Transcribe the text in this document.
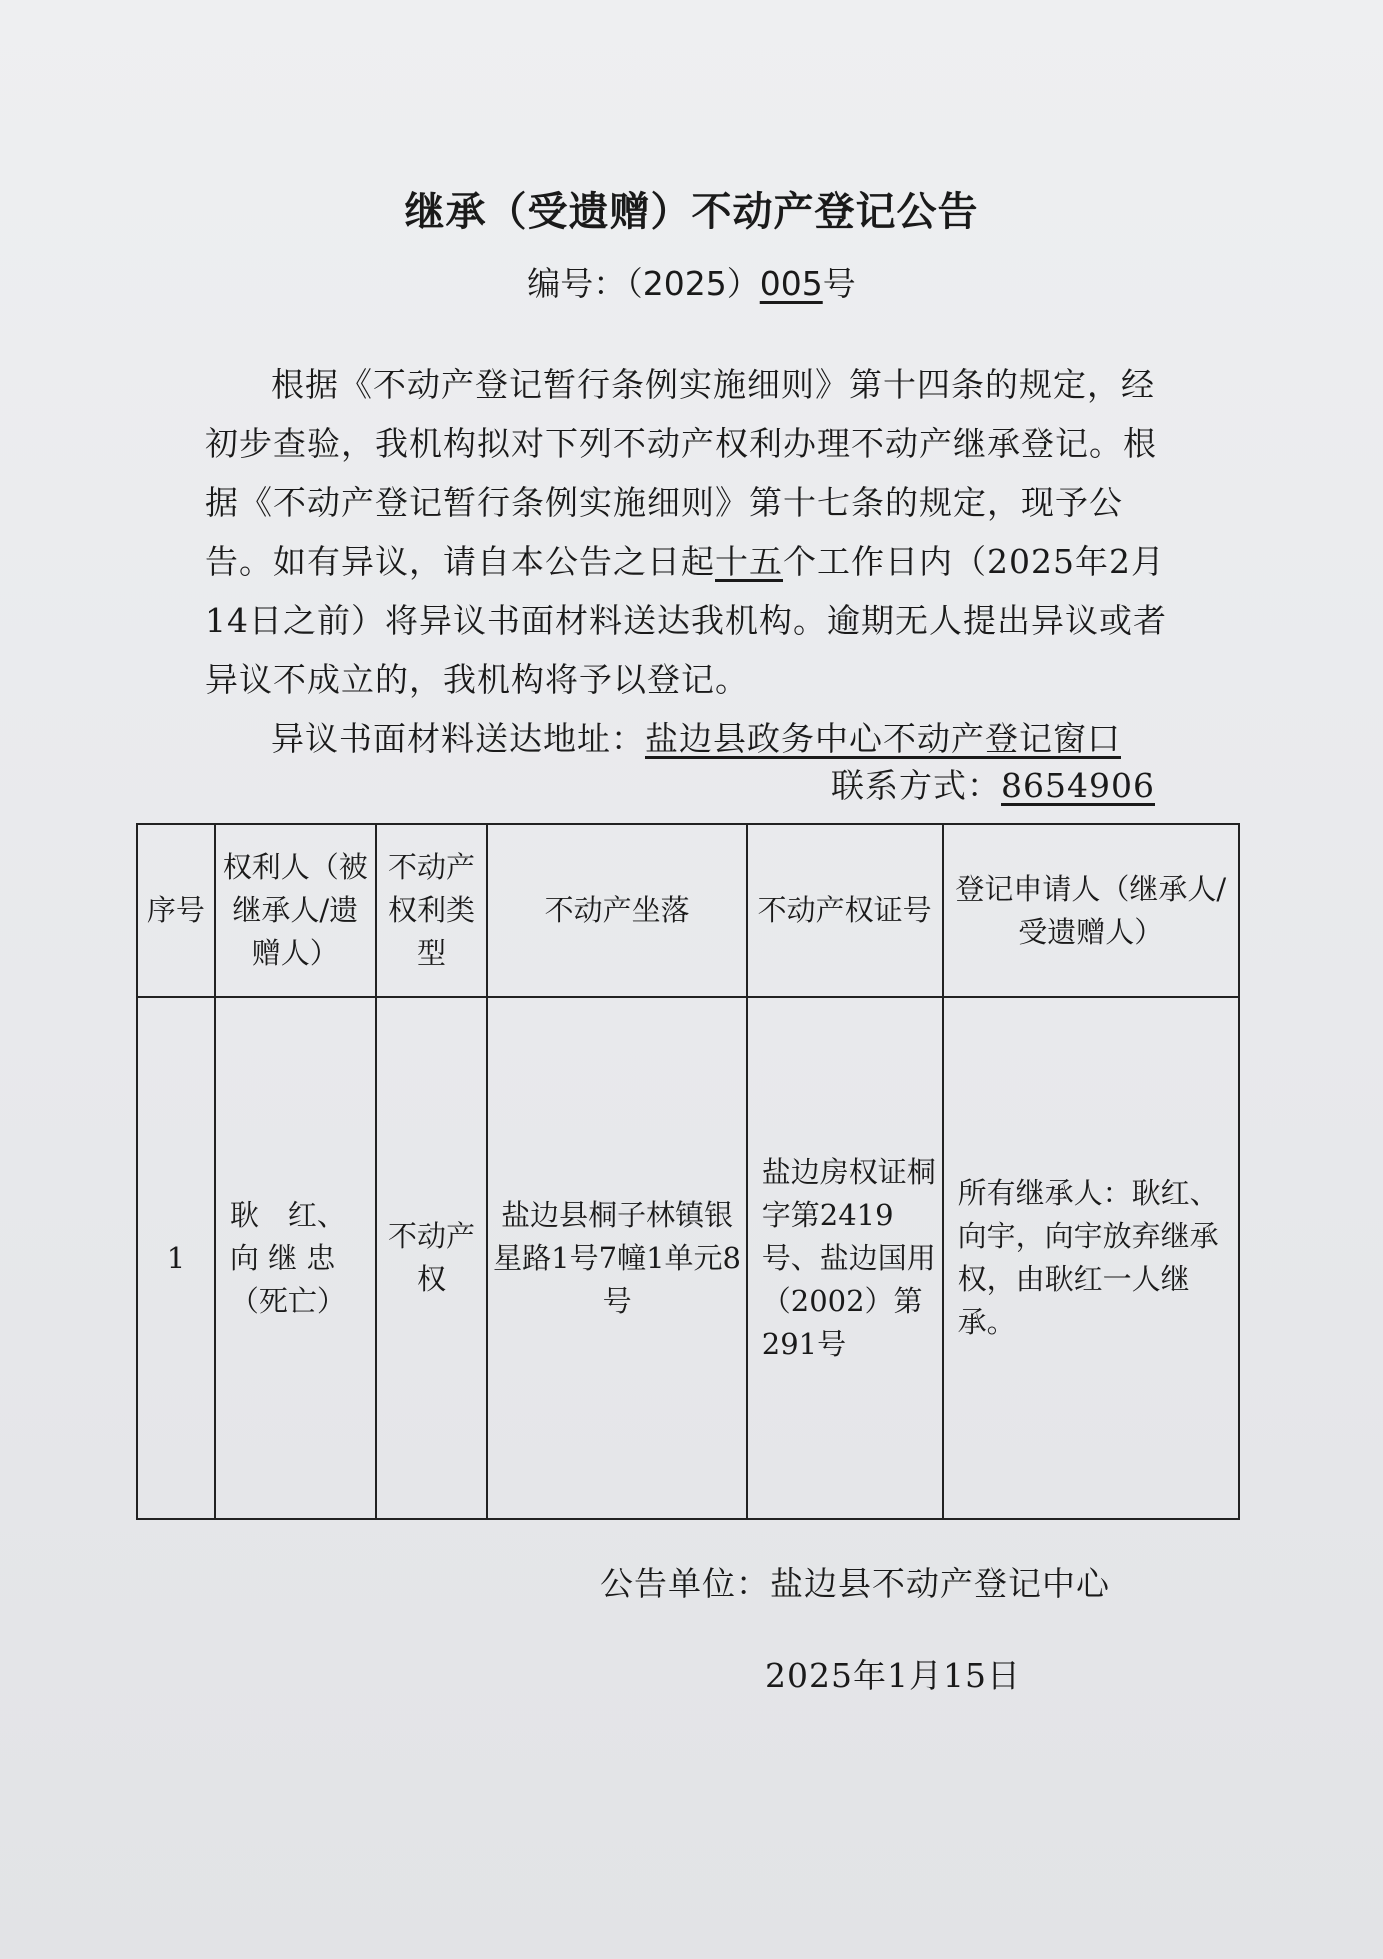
继承（受遗赠）不动产登记公告
编号：（2025）005号

根据《不动产登记暂行条例实施细则》第十四条的规定，经初步查验，我机构拟对下列不动产权利办理不动产继承登记。根据《不动产登记暂行条例实施细则》第十七条的规定，现予公告。如有异议，请自本公告之日起十五个工作日内（2025年2月14日之前）将异议书面材料送达我机构。逾期无人提出异议或者异议不成立的，我机构将予以登记。

异议书面材料送达地址：盐边县政务中心不动产登记窗口

联系方式：8654906
序号	权利人（被继承人/遗赠人）	不动产权利类型	不动产坐落	不动产权证号	登记申请人（继承人/受遗赠人）
1	耿　红、
向 继 忠
（死亡）	不动产权	盐边县桐子林镇银星路1号7幢1单元8号	盐边房权证桐字第2419号、盐边国用（2002）第291号	所有继承人：耿红、向宇，向宇放弃继承权，由耿红一人继承。
公告单位：盐边县不动产登记中心
2025年1月15日
